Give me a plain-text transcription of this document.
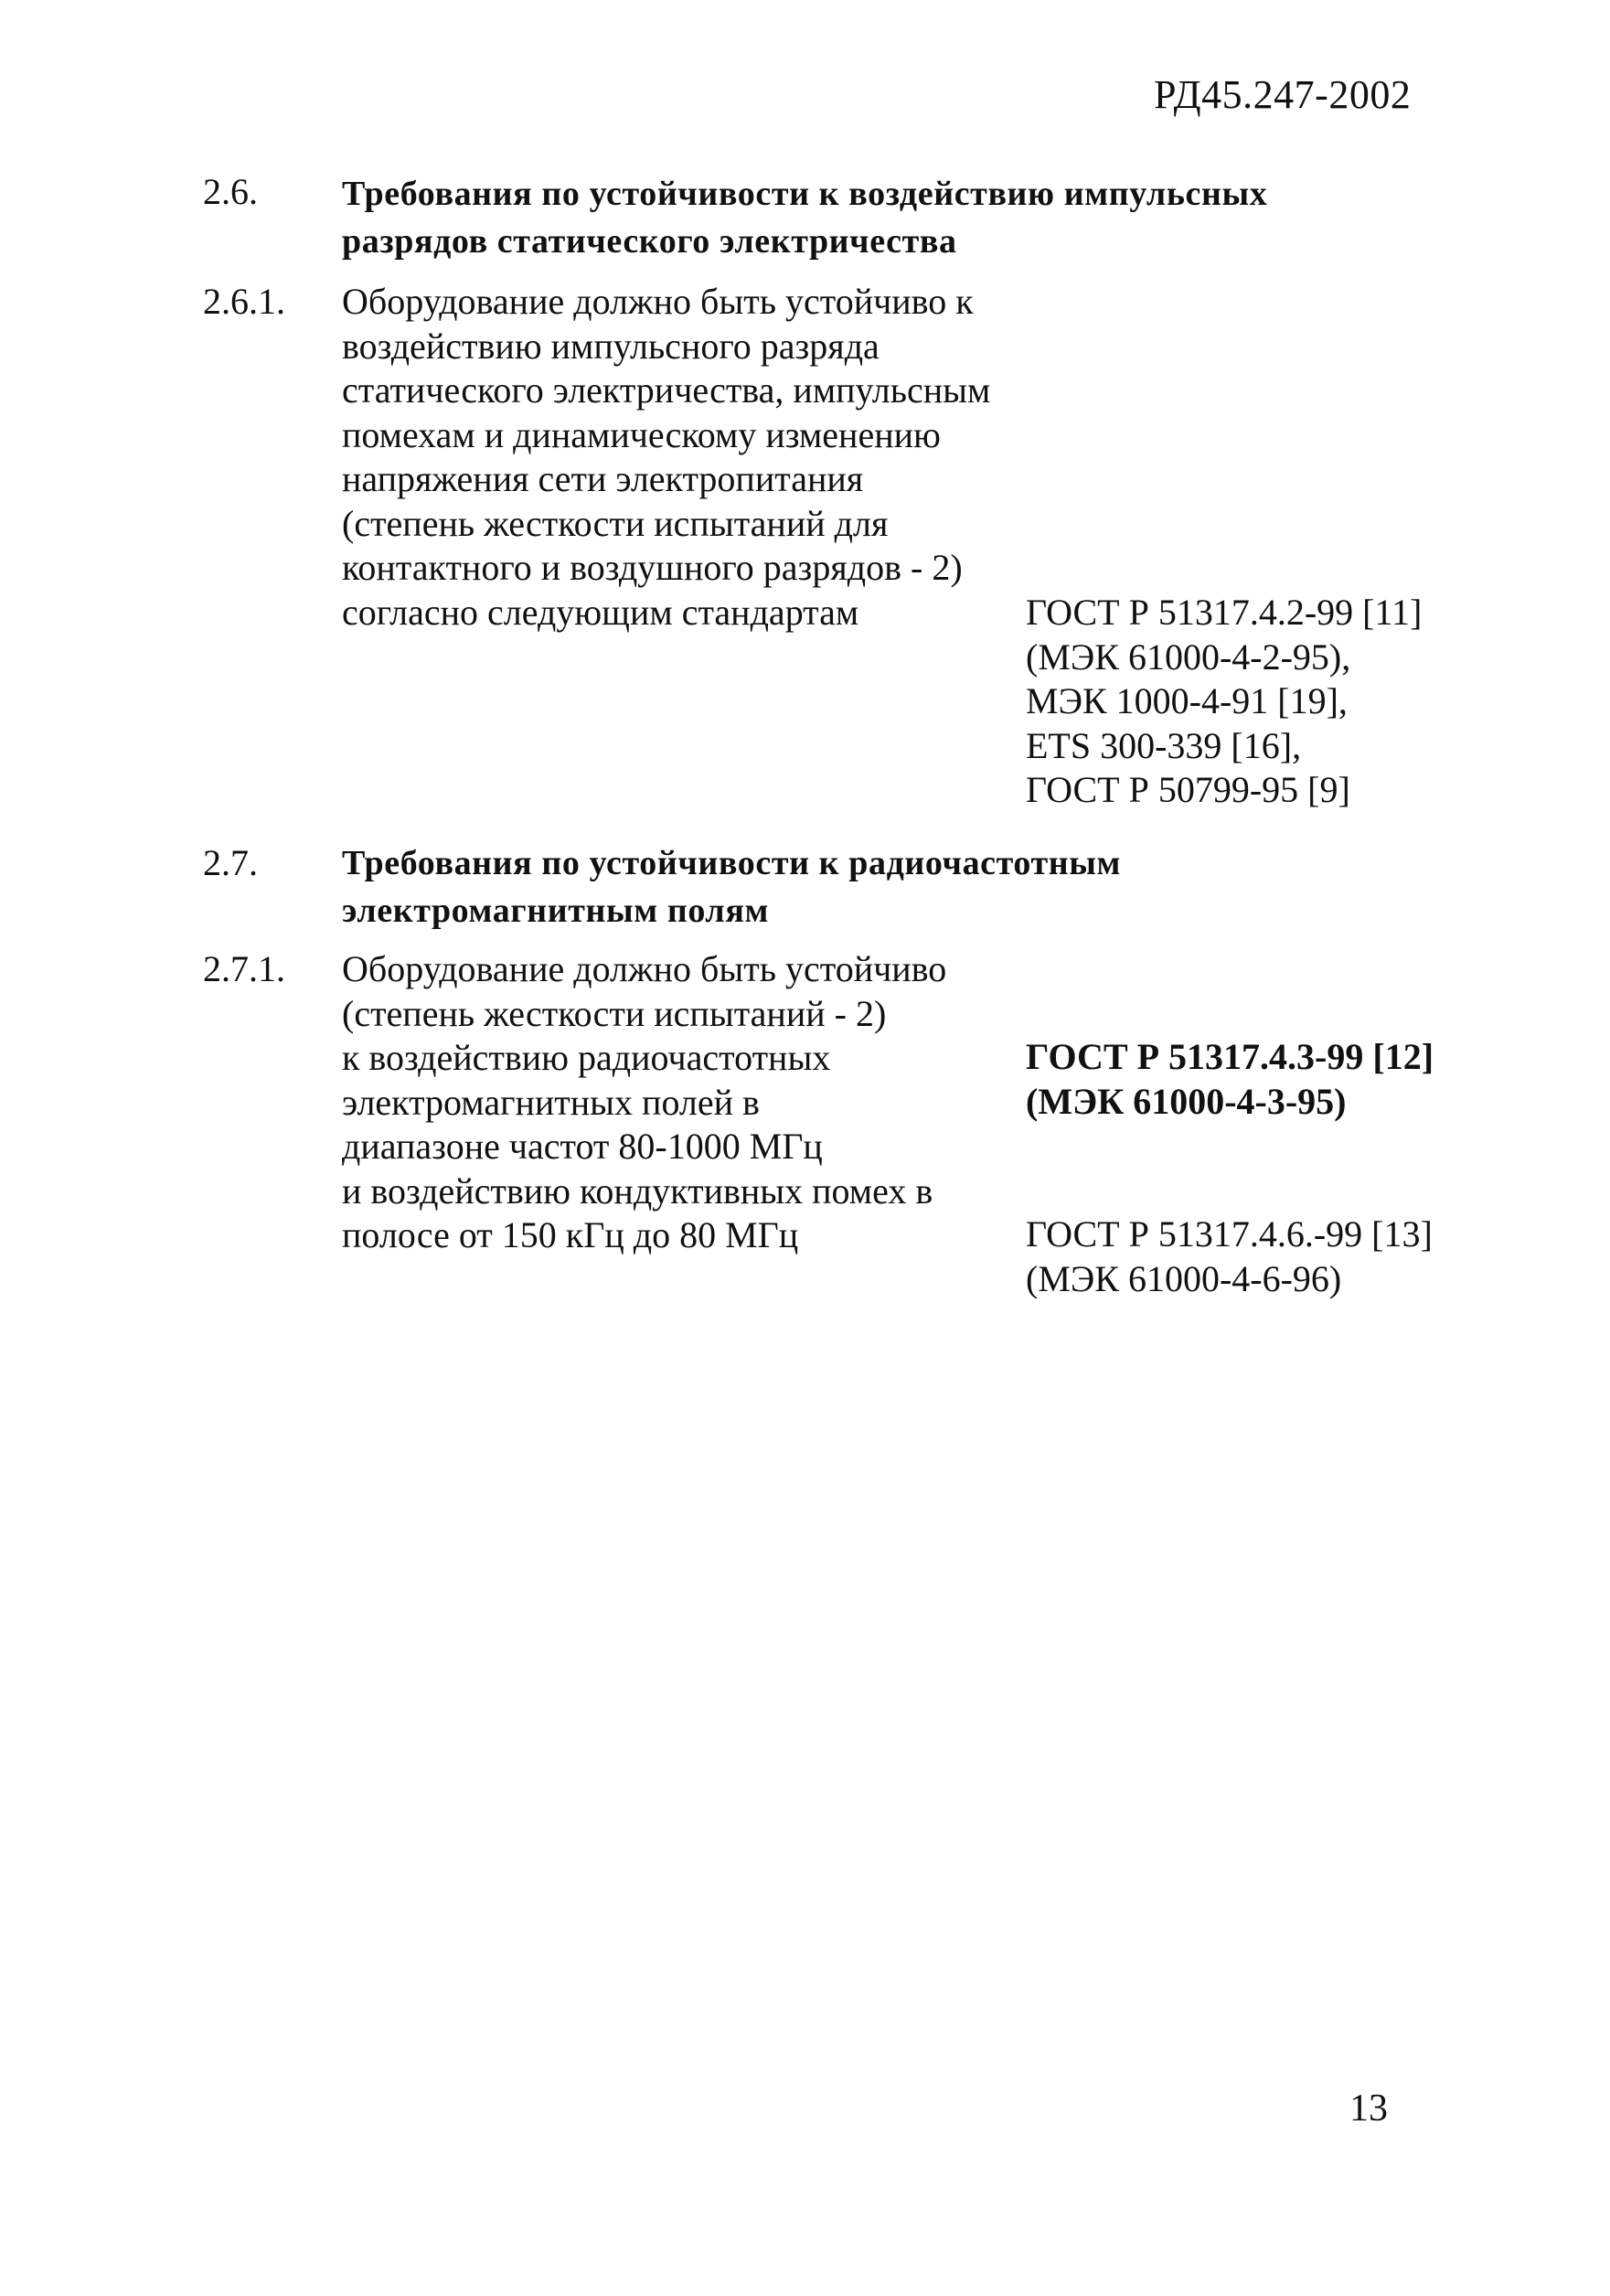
РД45.247-2002
2.6. Требования по устойчивости к воздействию импульсных
разрядов статического электричества
2.6.1. Оборудование должно быть устойчиво к
воздействию импульсного разряда
статического электричества, импульсным
помехам и динамическому изменению
напряжения сети электропитания
(степень жесткости испытаний для
контактного и воздушного разрядов - 2)
согласно следующим стандартам	ГОСТ Р 51317.4.2-99 [11]
(МЭК 61000-4-2-95),
МЭК 1000-4-91 [19],
ETS 300-339 [16],
ГОСТ Р 50799-95 [9]
2.7. Требования по устойчивости к радиочастотным
электромагнитным полям
2.7.1. Оборудование должно быть устойчиво
(степень жесткости испытаний - 2)
к воздействию радиочастотных
электромагнитных полей в
диапазоне частот 80-1000 МГц
и воздействию кондуктивных помех в
полосе от 150 кГц до 80 МГц
ГОСТ Р 51317.4.3-99 [12]
(МЭК 61000-4-3-95)
ГОСТ Р 51317.4.6.-99 [13]
(МЭК 61000-4-6-96)
13
